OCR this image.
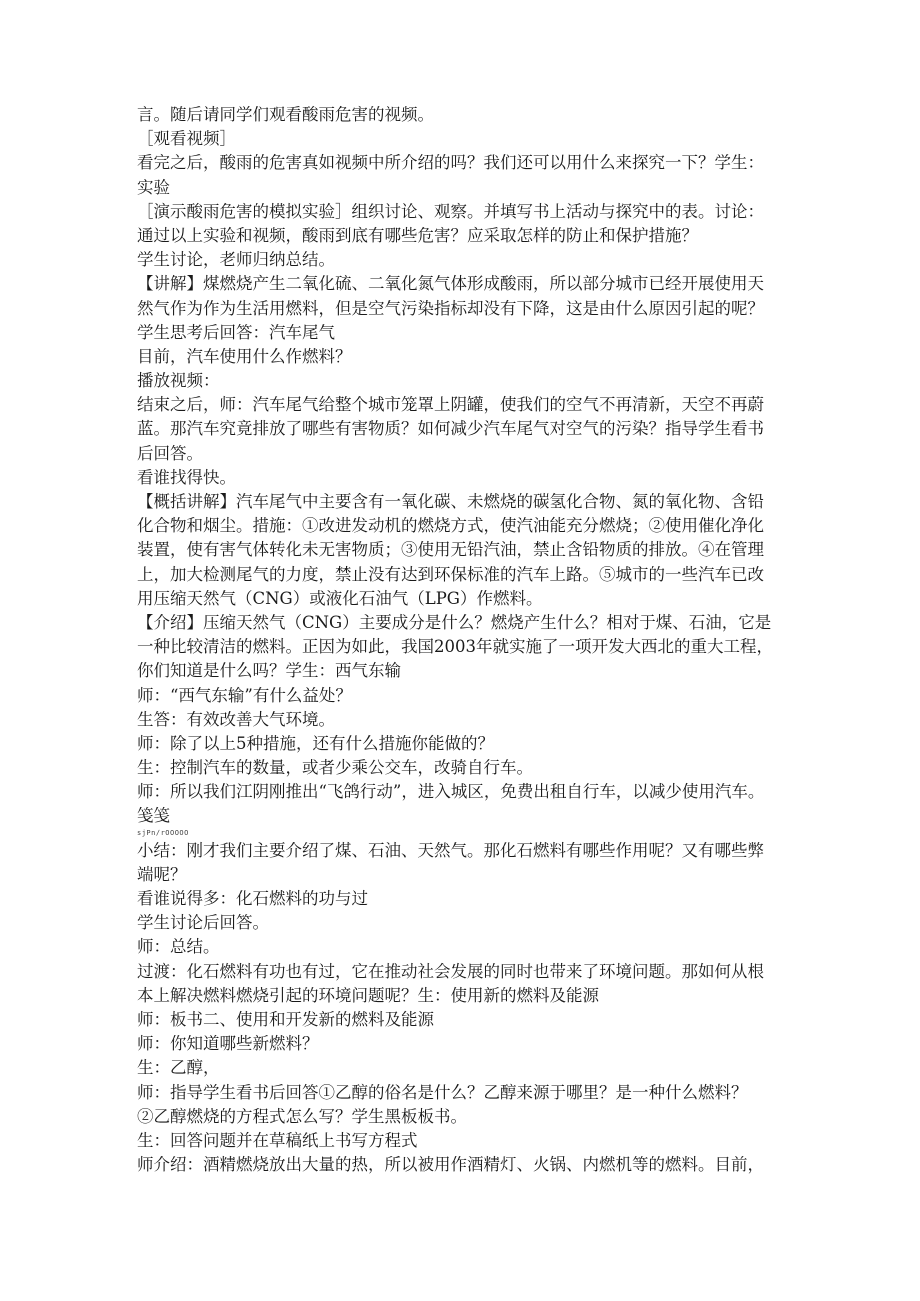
言。随后请同学们观看酸雨危害的视频。
［观看视频］
看完之后，酸雨的危害真如视频中所介绍的吗？我们还可以用什么来探究一下？学生：
实验
［演示酸雨危害的模拟实验］组织讨论、观察。并填写书上活动与探究中的表。讨论：
通过以上实验和视频，酸雨到底有哪些危害？应采取怎样的防止和保护措施？
学生讨论，老师归纳总结。
【讲解】煤燃烧产生二氧化硫、二氧化氮气体形成酸雨，所以部分城市已经开展使用天
然气作为作为生活用燃料，但是空气污染指标却没有下降，这是由什么原因引起的呢？
学生思考后回答：汽车尾气
目前，汽车使用什么作燃料？
播放视频：
结束之后，师：汽车尾气给整个城市笼罩上阴罐，使我们的空气不再清新，天空不再蔚
蓝。那汽车究竟排放了哪些有害物质？如何减少汽车尾气对空气的污染？指导学生看书
后回答。
看谁找得快。
【概括讲解】汽车尾气中主要含有一氧化碳、未燃烧的碳氢化合物、氮的氧化物、含铅
化合物和烟尘。措施：①改进发动机的燃烧方式，使汽油能充分燃烧；②使用催化净化
装置，使有害气体转化未无害物质；③使用无铅汽油，禁止含铅物质的排放。④在管理
上，加大检测尾气的力度，禁止没有达到环保标准的汽车上路。⑤城市的一些汽车已改
用压缩天然气（CNG）或液化石油气（LPG）作燃料。
【介绍】压缩天然气（CNG）主要成分是什么？燃烧产生什么？相对于煤、石油，它是
一种比较清洁的燃料。正因为如此，我国2003年就实施了一项开发大西北的重大工程，
你们知道是什么吗？学生：西气东输
师：“西气东输”有什么益处？
生答：有效改善大气环境。
师：除了以上5种措施，还有什么措施你能做的？
生：控制汽车的数量，或者少乘公交车，改骑自行车。
师：所以我们江阴刚推出“飞鸽行动”，进入城区，免费出租自行车，以减少使用汽车。
笺笺
sjPn∕rOOOOO
小结：刚才我们主要介绍了煤、石油、天然气。那化石燃料有哪些作用呢？又有哪些弊
端呢？
看谁说得多：化石燃料的功与过
学生讨论后回答。
师：总结。
过渡：化石燃料有功也有过，它在推动社会发展的同时也带来了环境问题。那如何从根
本上解决燃料燃烧引起的环境问题呢？生：使用新的燃料及能源
师：板书二、使用和开发新的燃料及能源
师：你知道哪些新燃料？
生：乙醇，
师：指导学生看书后回答①乙醇的俗名是什么？乙醇来源于哪里？是一种什么燃料？
②乙醇燃烧的方程式怎么写？学生黑板板书。
生：回答问题并在草稿纸上书写方程式
师介绍：酒精燃烧放出大量的热，所以被用作酒精灯、火锅、内燃机等的燃料。目前，
